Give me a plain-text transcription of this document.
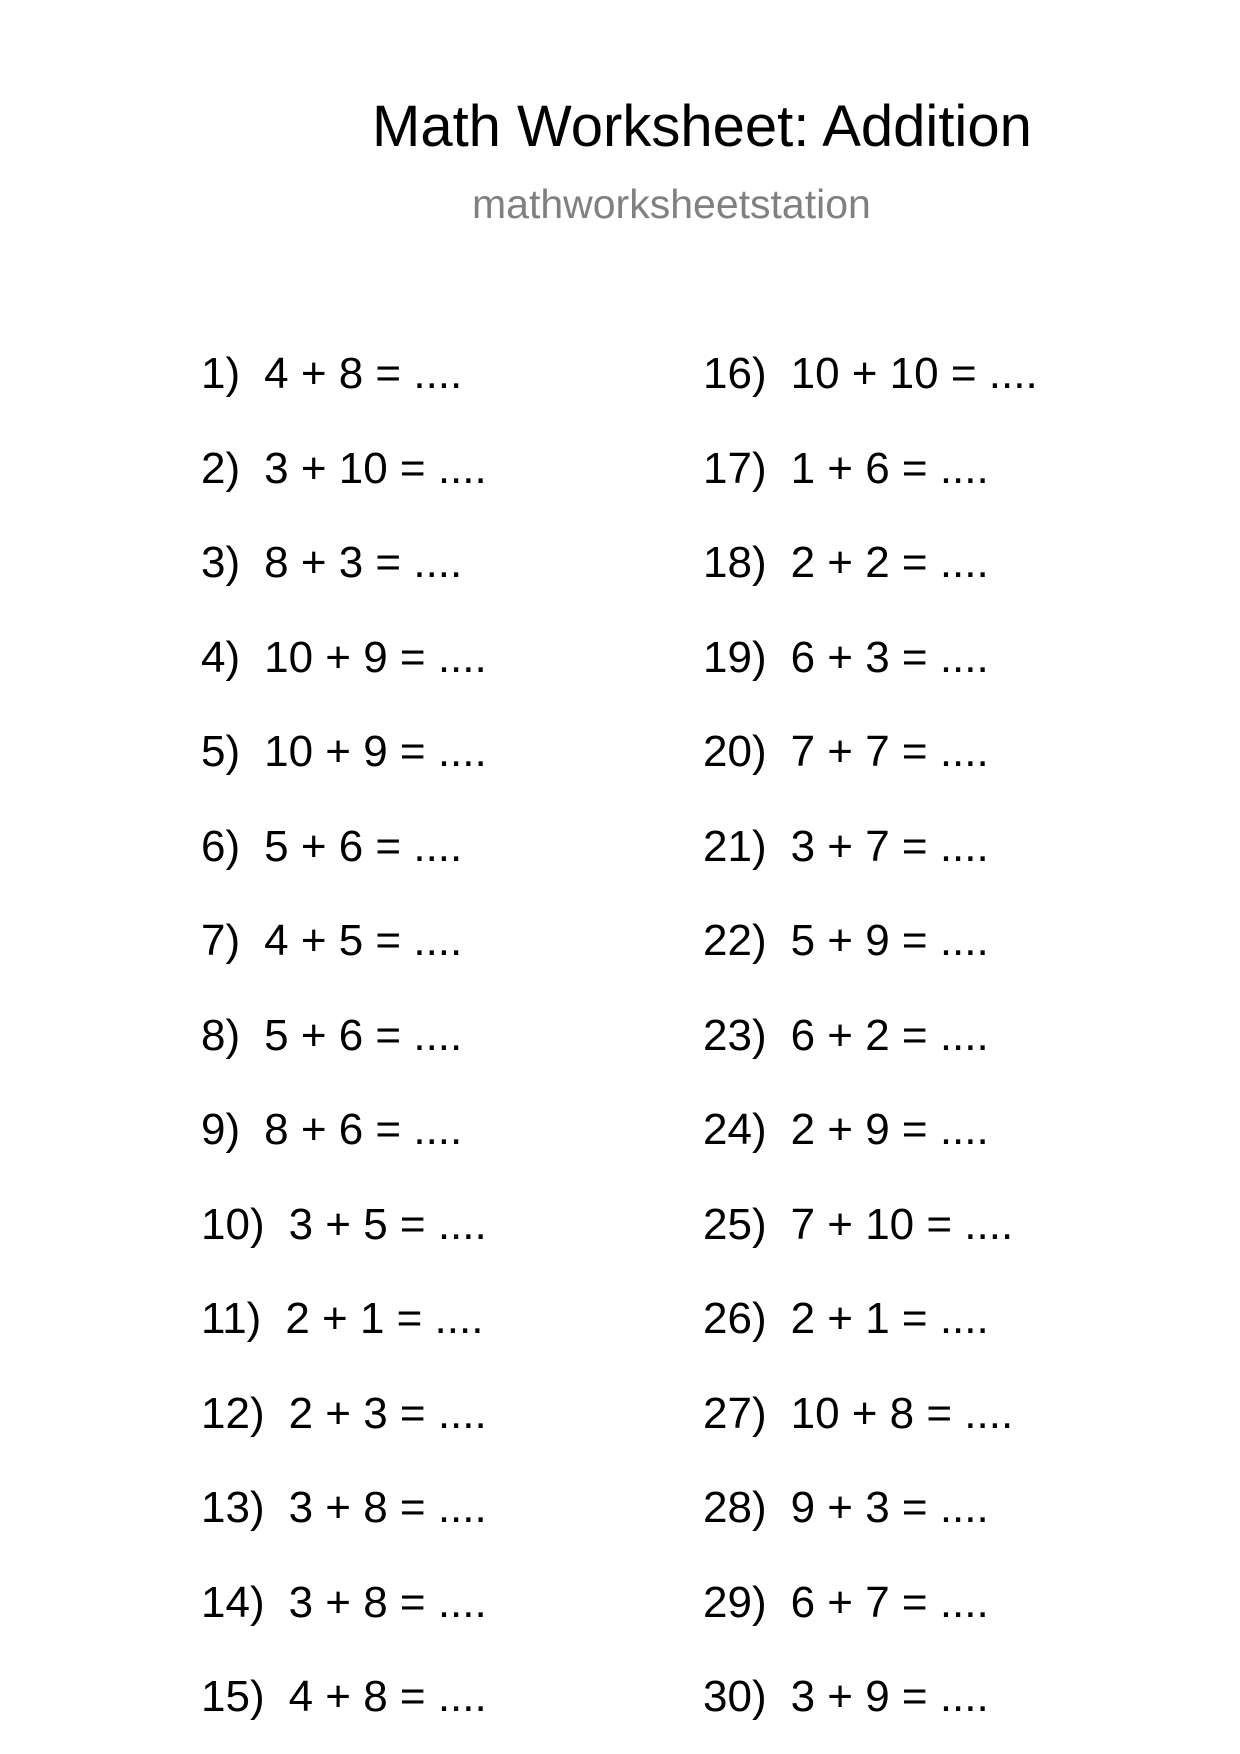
Math Worksheet: Addition
mathworksheetstation
1) 4 + 8 = ....
2) 3 + 10 = ....
3) 8 + 3 = ....
4) 10 + 9 = ....
5) 10 + 9 = ....
6) 5 + 6 = ....
7) 4 + 5 = ....
8) 5 + 6 = ....
9) 8 + 6 = ....
10) 3 + 5 = ....
11) 2 + 1 = ....
12) 2 + 3 = ....
13) 3 + 8 = ....
14) 3 + 8 = ....
15) 4 + 8 = ....
16) 10 + 10 = ....
17) 1 + 6 = ....
18) 2 + 2 = ....
19) 6 + 3 = ....
20) 7 + 7 = ....
21) 3 + 7 = ....
22) 5 + 9 = ....
23) 6 + 2 = ....
24) 2 + 9 = ....
25) 7 + 10 = ....
26) 2 + 1 = ....
27) 10 + 8 = ....
28) 9 + 3 = ....
29) 6 + 7 = ....
30) 3 + 9 = ....
